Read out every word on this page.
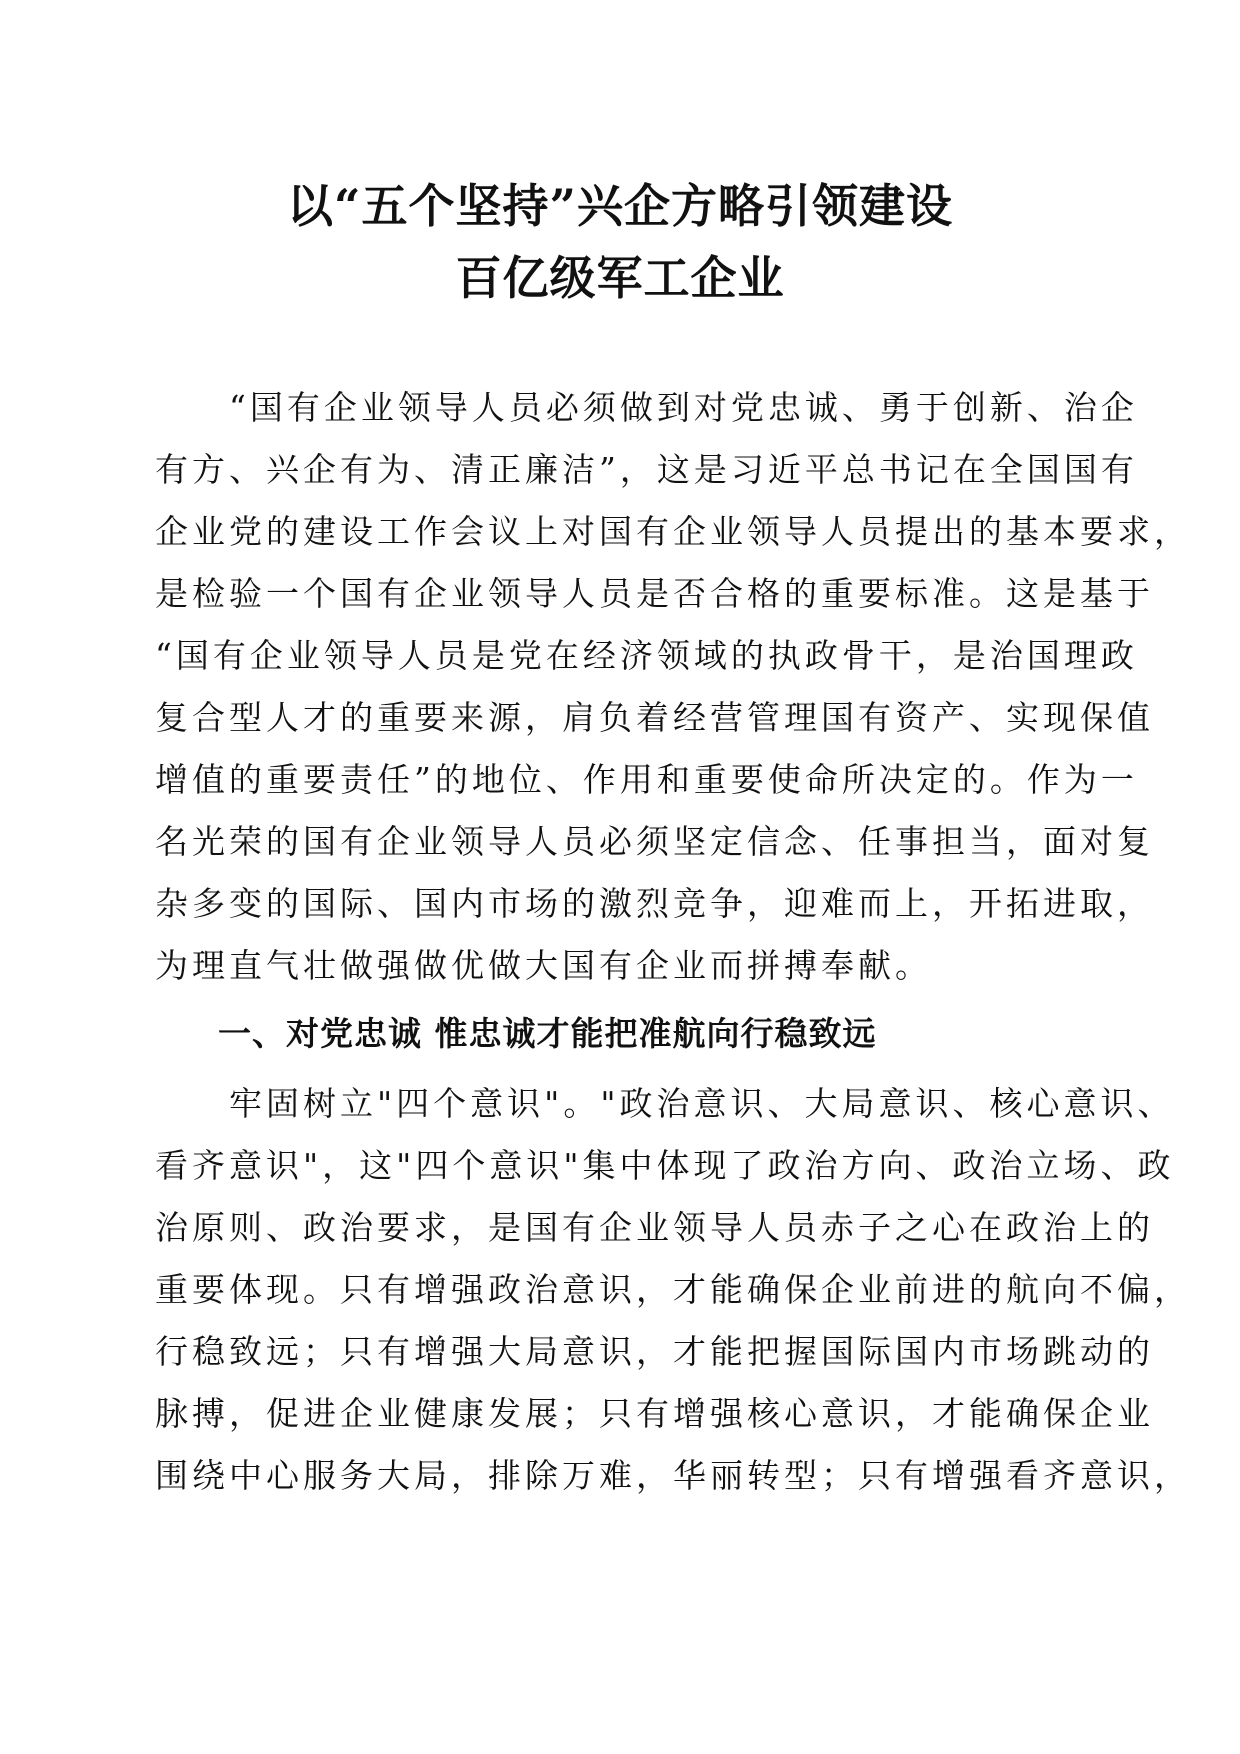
以“五个坚持”兴企方略引领建设
百亿级军工企业
　　“国有企业领导人员必须做到对党忠诚、勇于创新、治企
有方、兴企有为、清正廉洁”，这是习近平总书记在全国国有
企业党的建设工作会议上对国有企业领导人员提出的基本要求，
是检验一个国有企业领导人员是否合格的重要标准。这是基于
“国有企业领导人员是党在经济领域的执政骨干，是治国理政
复合型人才的重要来源，肩负着经营管理国有资产、实现保值
增值的重要责任”的地位、作用和重要使命所决定的。作为一
名光荣的国有企业领导人员必须坚定信念、任事担当，面对复
杂多变的国际、国内市场的激烈竞争，迎难而上，开拓进取，
为理直气壮做强做优做大国有企业而拼搏奉献。
一、对党忠诚 惟忠诚才能把准航向行稳致远
　　牢固树立"四个意识"。"政治意识、大局意识、核心意识、
看齐意识"，这"四个意识"集中体现了政治方向、政治立场、政
治原则、政治要求，是国有企业领导人员赤子之心在政治上的
重要体现。只有增强政治意识，才能确保企业前进的航向不偏，
行稳致远；只有增强大局意识，才能把握国际国内市场跳动的
脉搏，促进企业健康发展；只有增强核心意识，才能确保企业
围绕中心服务大局，排除万难，华丽转型；只有增强看齐意识，
